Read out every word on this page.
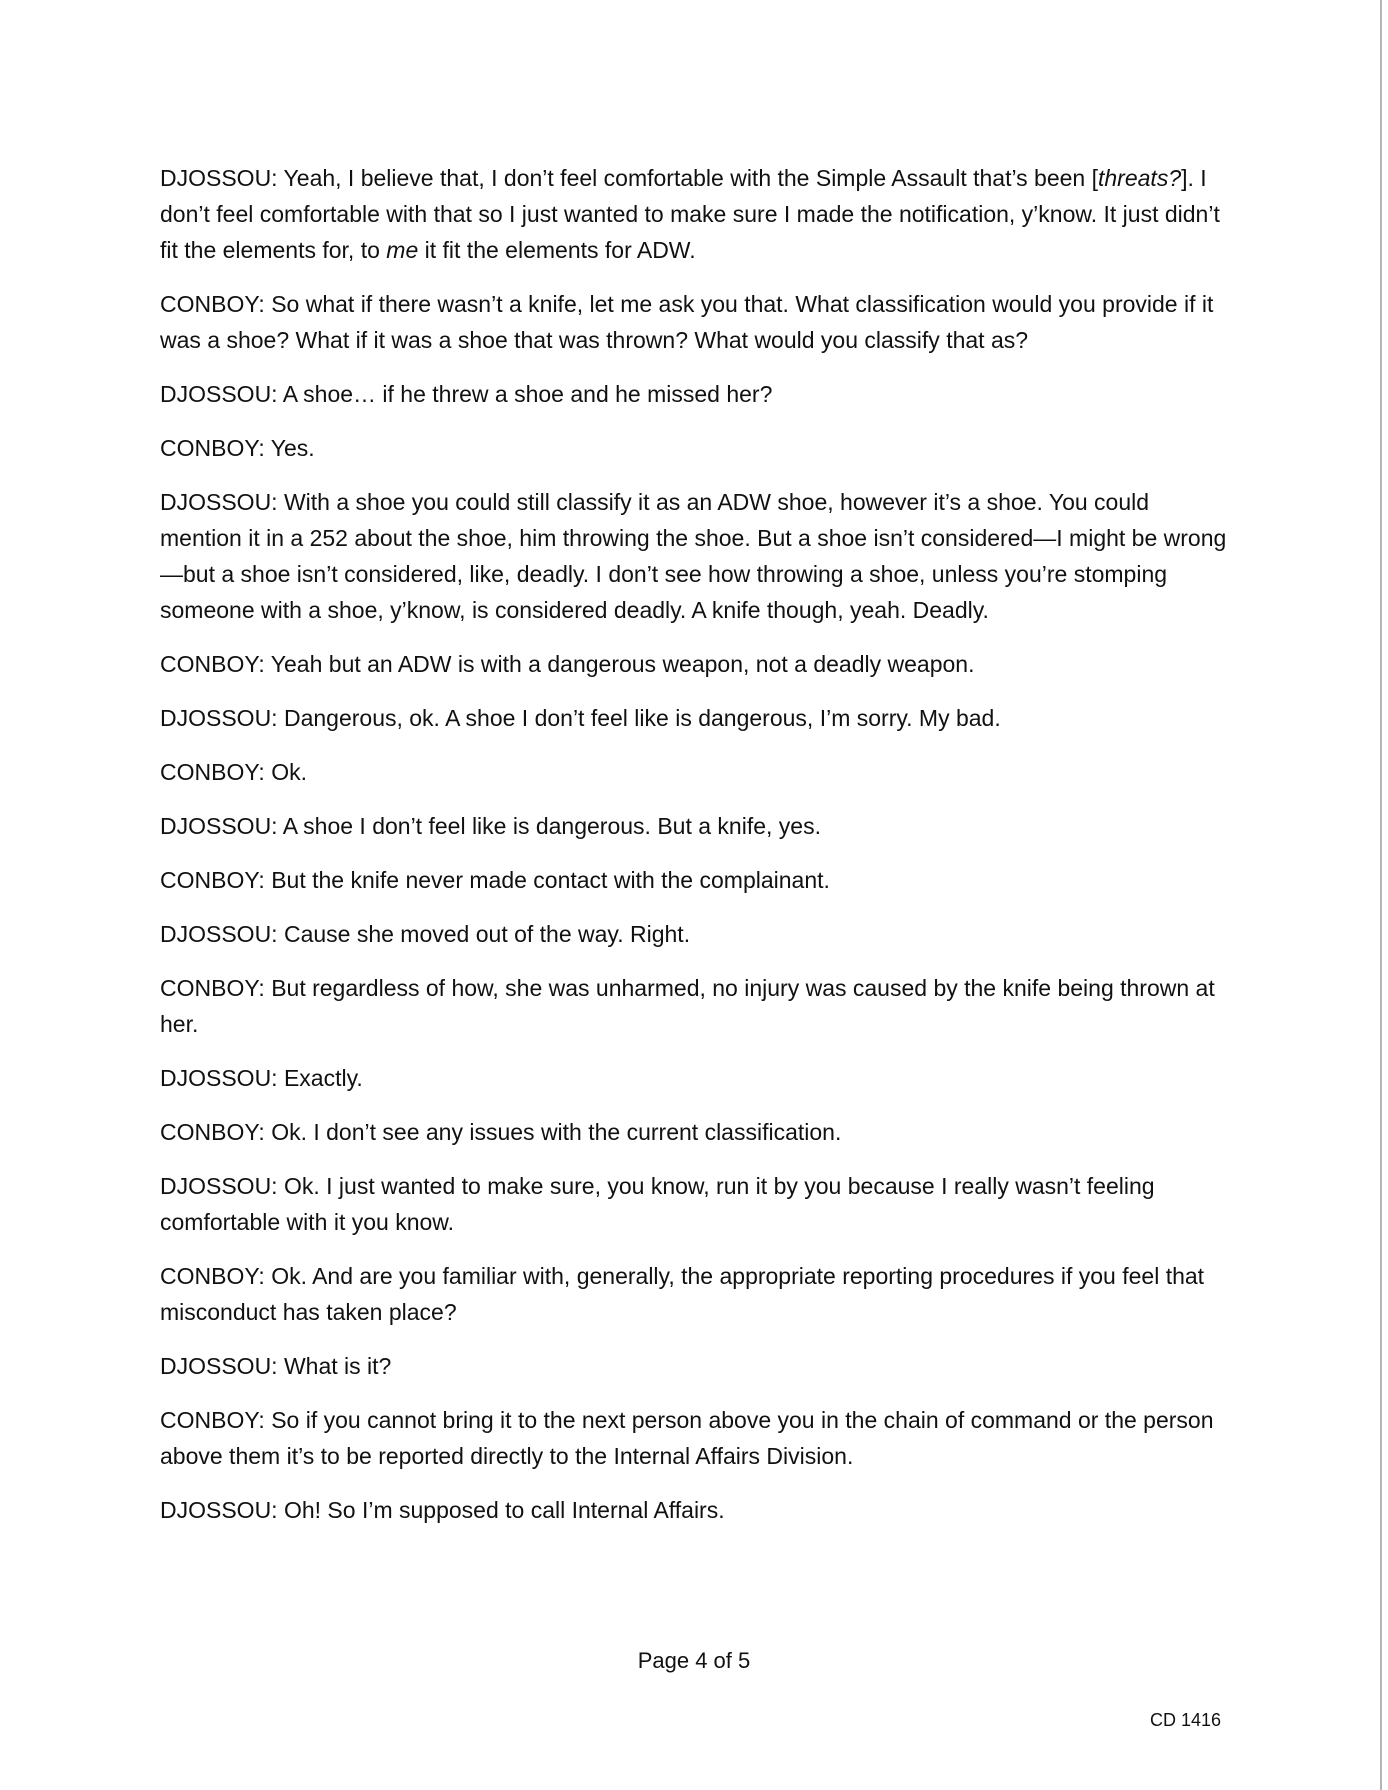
DJOSSOU: Yeah, I believe that, I don’t feel comfortable with the Simple Assault that’s been [threats?]. I don’t feel comfortable with that so I just wanted to make sure I made the notification, y’know. It just didn’t fit the elements for, to me it fit the elements for ADW.

CONBOY: So what if there wasn’t a knife, let me ask you that. What classification would you provide if it was a shoe? What if it was a shoe that was thrown? What would you classify that as?

DJOSSOU: A shoe… if he threw a shoe and he missed her?

CONBOY: Yes.

DJOSSOU: With a shoe you could still classify it as an ADW shoe, however it’s a shoe. You could mention it in a 252 about the shoe, him throwing the shoe. But a shoe isn’t considered—I might be wrong—but a shoe isn’t considered, like, deadly. I don’t see how throwing a shoe, unless you’re stomping someone with a shoe, y’know, is considered deadly. A knife though, yeah. Deadly.

CONBOY: Yeah but an ADW is with a dangerous weapon, not a deadly weapon.

DJOSSOU: Dangerous, ok. A shoe I don’t feel like is dangerous, I’m sorry. My bad.

CONBOY: Ok.

DJOSSOU: A shoe I don’t feel like is dangerous. But a knife, yes.

CONBOY: But the knife never made contact with the complainant.

DJOSSOU: Cause she moved out of the way. Right.

CONBOY: But regardless of how, she was unharmed, no injury was caused by the knife being thrown at her.

DJOSSOU: Exactly.

CONBOY: Ok. I don’t see any issues with the current classification.

DJOSSOU: Ok. I just wanted to make sure, you know, run it by you because I really wasn’t feeling comfortable with it you know.

CONBOY: Ok. And are you familiar with, generally, the appropriate reporting procedures if you feel that misconduct has taken place?

DJOSSOU: What is it?

CONBOY: So if you cannot bring it to the next person above you in the chain of command or the person above them it’s to be reported directly to the Internal Affairs Division.

DJOSSOU: Oh! So I’m supposed to call Internal Affairs.

Page 4 of 5
CD 1416
